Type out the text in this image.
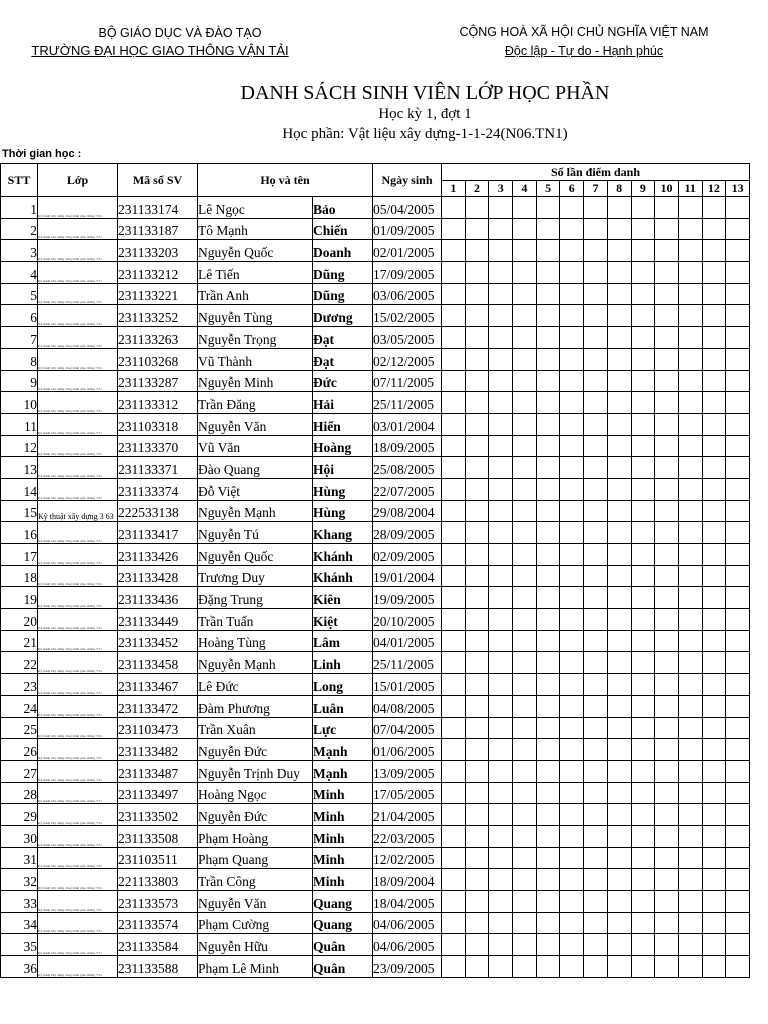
BỘ GIÁO DỤC VÀ ĐÀO TẠO
TRƯỜNG ĐẠI HỌC GIAO THÔNG VẬN TẢI
CỘNG HOÀ XÃ HỘI CHỦ NGHĨA VIỆT NAM
Độc lập - Tự do - Hạnh phúc
DANH SÁCH SINH VIÊN LỚP HỌC PHẦN
Học kỳ 1, đợt 1
Học phần: Vật liệu xây dựng-1-1-24(N06.TN1)
Thời gian học :
STT	Lớp	Mã số SV	Họ và tên		Ngày sinh	Số lần điểm danh												
						1	2	3	4	5	6	7	8	9	10	11	12	13
1	Kỹ thuật xây dựng công trình giao thông 7 61	231133174	Lê Ngọc	Bảo	05/04/2005													
2	Kỹ thuật xây dựng công trình giao thông 7 61	231133187	Tô Mạnh	Chiến	01/09/2005													
3	Kỹ thuật xây dựng công trình giao thông 7 61	231133203	Nguyễn Quốc	Doanh	02/01/2005													
4	Kỹ thuật xây dựng công trình giao thông 7 61	231133212	Lê Tiến	Dũng	17/09/2005													
5	Kỹ thuật xây dựng công trình giao thông 7 61	231133221	Trần Anh	Dũng	03/06/2005													
6	Kỹ thuật xây dựng công trình giao thông 7 61	231133252	Nguyễn Tùng	Dương	15/02/2005													
7	Kỹ thuật xây dựng công trình giao thông 7 61	231133263	Nguyễn Trọng	Đạt	03/05/2005													
8	Kỹ thuật xây dựng công trình giao thông 7 61	231103268	Vũ Thành	Đạt	02/12/2005													
9	Kỹ thuật xây dựng công trình giao thông 7 61	231133287	Nguyễn Minh	Đức	07/11/2005													
10	Kỹ thuật xây dựng công trình giao thông 7 61	231133312	Trần Đăng	Hải	25/11/2005													
11	Kỹ thuật xây dựng công trình giao thông 7 61	231103318	Nguyễn Văn	Hiển	03/01/2004													
12	Kỹ thuật xây dựng công trình giao thông 7 61	231133370	Vũ Văn	Hoàng	18/09/2005													
13	Kỹ thuật xây dựng công trình giao thông 7 61	231133371	Đào Quang	Hội	25/08/2005													
14	Kỹ thuật xây dựng công trình giao thông 7 61	231133374	Đỗ Việt	Hùng	22/07/2005													
15	Kỹ thuật xây dựng 3 63	222533138	Nguyễn Mạnh	Hùng	29/08/2004													
16	Kỹ thuật xây dựng công trình giao thông 7 61	231133417	Nguyễn Tú	Khang	28/09/2005													
17	Kỹ thuật xây dựng công trình giao thông 7 61	231133426	Nguyễn Quốc	Khánh	02/09/2005													
18	Kỹ thuật xây dựng công trình giao thông 7 61	231133428	Trương Duy	Khánh	19/01/2004													
19	Kỹ thuật xây dựng công trình giao thông 7 61	231133436	Đặng Trung	Kiên	19/09/2005													
20	Kỹ thuật xây dựng công trình giao thông 7 61	231133449	Trần Tuấn	Kiệt	20/10/2005													
21	Kỹ thuật xây dựng công trình giao thông 7 61	231133452	Hoàng Tùng	Lâm	04/01/2005													
22	Kỹ thuật xây dựng công trình giao thông 7 61	231133458	Nguyễn Mạnh	Linh	25/11/2005													
23	Kỹ thuật xây dựng công trình giao thông 7 61	231133467	Lê Đức	Long	15/01/2005													
24	Kỹ thuật xây dựng công trình giao thông 7 61	231133472	Đàm Phương	Luân	04/08/2005													
25	Kỹ thuật xây dựng công trình giao thông 7 61	231103473	Trần Xuân	Lực	07/04/2005													
26	Kỹ thuật xây dựng công trình giao thông 7 61	231133482	Nguyễn Đức	Mạnh	01/06/2005													
27	Kỹ thuật xây dựng công trình giao thông 7 61	231133487	Nguyễn Trịnh Duy	Mạnh	13/09/2005													
28	Kỹ thuật xây dựng công trình giao thông 7 61	231133497	Hoàng Ngọc	Minh	17/05/2005													
29	Kỹ thuật xây dựng công trình giao thông 7 61	231133502	Nguyễn Đức	Minh	21/04/2005													
30	Kỹ thuật xây dựng công trình giao thông 7 61	231133508	Phạm Hoàng	Minh	22/03/2005													
31	Kỹ thuật xây dựng công trình giao thông 7 61	231103511	Phạm Quang	Minh	12/02/2005													
32	Kỹ thuật xây dựng công trình giao thông 7 61	221133803	Trần Công	Minh	18/09/2004													
33	Kỹ thuật xây dựng công trình giao thông 7 61	231133573	Nguyễn Văn	Quang	18/04/2005													
34	Kỹ thuật xây dựng công trình giao thông 7 61	231133574	Phạm Cường	Quang	04/06/2005													
35	Kỹ thuật xây dựng công trình giao thông 7 61	231133584	Nguyễn Hữu	Quân	04/06/2005													
36	Kỹ thuật xây dựng công trình giao thông 7 61	231133588	Phạm Lê Minh	Quân	23/09/2005													
